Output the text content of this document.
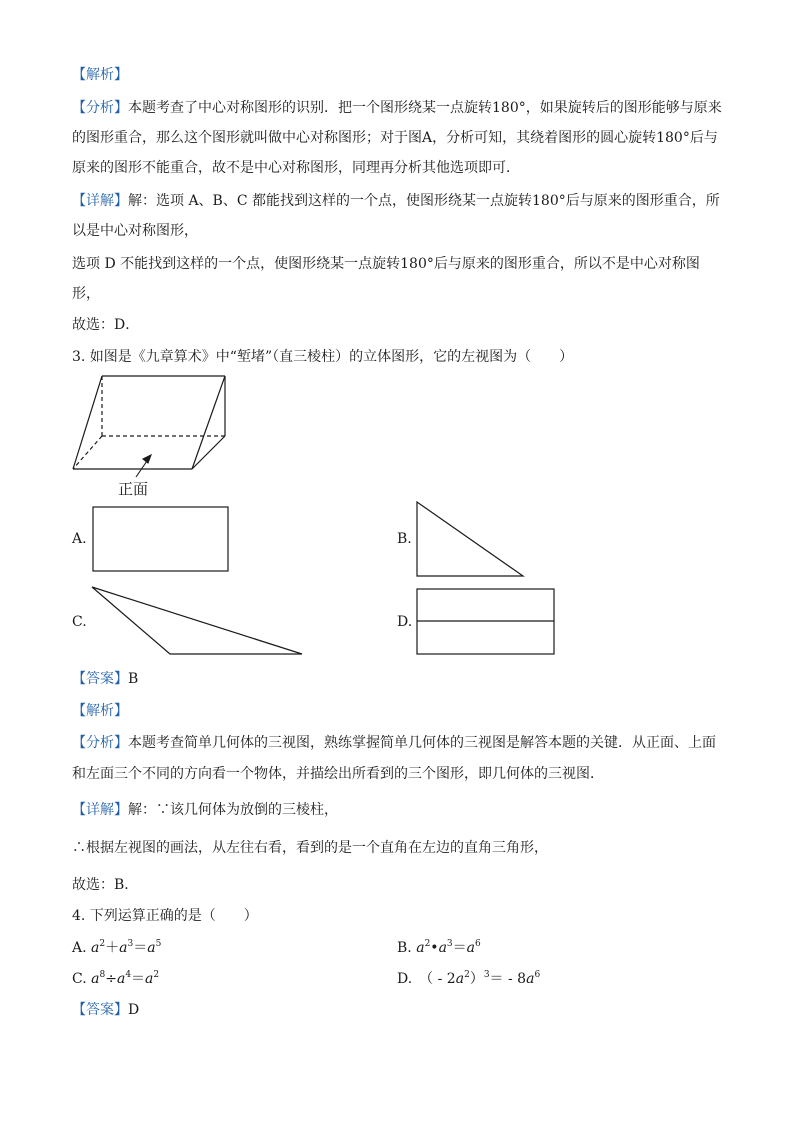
【解析】
【分析】本题考查了中心对称图形的识别．把一个图形绕某一点旋转180°，如果旋转后的图形能够与原来
的图形重合，那么这个图形就叫做中心对称图形；对于图A，分析可知，其绕着图形的圆心旋转180°后与
原来的图形不能重合，故不是中心对称图形，同理再分析其他选项即可．
【详解】解：选项 A、B、C 都能找到这样的一个点，使图形绕某一点旋转180°后与原来的图形重合，所
以是中心对称图形，
选项 D 不能找到这样的一个点，使图形绕某一点旋转180°后与原来的图形重合，所以不是中心对称图
形，
故选：D．
3. 如图是《九章算术》中“堑堵”（直三棱柱）的立体图形，它的左视图为（　　）
正面
A.	B.
C.	D.
【答案】B
【解析】
【分析】本题考查简单几何体的三视图，熟练掌握简单几何体的三视图是解答本题的关键．从正面、上面
和左面三个不同的方向看一个物体，并描绘出所看到的三个图形，即几何体的三视图．
【详解】解：∵该几何体为放倒的三棱柱，
∴根据左视图的画法，从左往右看，看到的是一个直角在左边的直角三角形，
故选：B．
4. 下列运算正确的是（　　）
A. $a^2+a^3=a^5$	B. $a^2•a^3=a^6$
C. $a^8\div a^4=a^2$	D.　（ - $2a^2)^3= - 8a^6$
【答案】D
